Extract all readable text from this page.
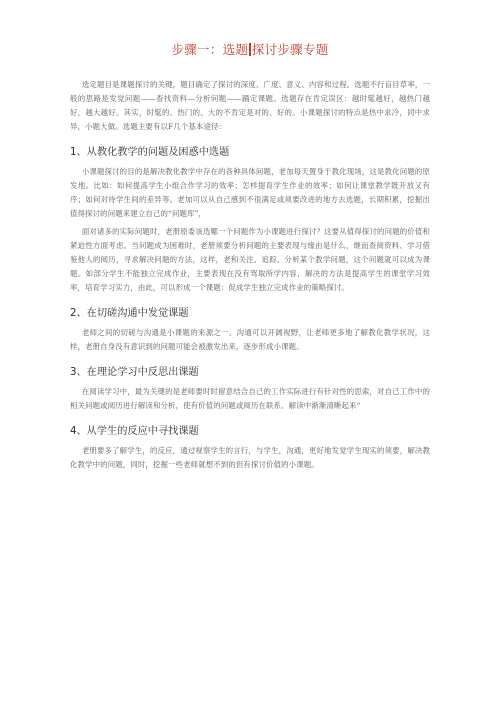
步骤一：选题 探讨步骤专题

选定题目是课题探讨的关键，题目确定了探讨的深度、广度、意义、内容和过程。选题不行盲目草率，一般的思路是发觉问题——查找资料—分析问题——踊定课题。选题存在肯定误区：越时髦越好，越热门越好，越大越好。其实，时髦的、热门的、大的不肯定是对的、好的。小课题探讨的特点是热中求冷，同中求异，小题大做。选题主要有以F几个基本途径：

1、从教化教学的问题及困惑中选题

小课题探讨的目的是解决教化教学中存在的各种具体问题，老加每天置身于教化现场，这是教化问题的原发地。比如：如何提高学生小组合作学习的效率；怎样提育学生作业的效率；如何让课堂教学既开放又有序；如何对待学生间的差异等。老加可以从自己感到不很满足或须要改进的地方去选题，长期积累，挖掘出值得探讨的问题来建立自己的“问题库”，

面对诸多的实际问题时，老册原委该选哪一个问题作为小课题进行探讨？这要从值得探讨的问题的价值和紧迫性方面考虑。当问题成为困难时，老册须要分析问题的主要表现与缘由是什么，继而查阅资料、学习借鉴他人的阅历，寻求解决问题的方法，这样，老和关注、追踪、分析某个教学问题，这个问题就可以成为课题。如部分学生不能独立完成作业，主要表现在没有驾取所学内容，解决的方法是提高学生的课堂学习效率，培育学习实力，由此，可以形成一个课题：促成学生独立完成作业的策略探讨。

2、在切磋沟通中发觉课题

老师之间的切磋与沟通是小课题的来源之一。沟通可以开阔视野，让老师更多地了解教化教学状况，这样，老册自身没有意识到的问题可能会被激发出来，逐步形成小课题。

3、在理论学习中反思出课题

在阅读学习中，最为关键的是老师要时时留意结合自己的工作实际进行有针对性的思索，对自己工作中的相关问题或阅历进行解读和分析，使有价值的问题或阅历在联系、解读中渐渐清晰起来“

4、从学生的反应中寻找课题

老册要多了解学生，的反应，通过视察学生的言行，与学生，沟通，更好地发觉学生现实的须要，解决教化教学中的问题，同时，挖掘一些老师就想不到的但有探讨价值的小课题。
